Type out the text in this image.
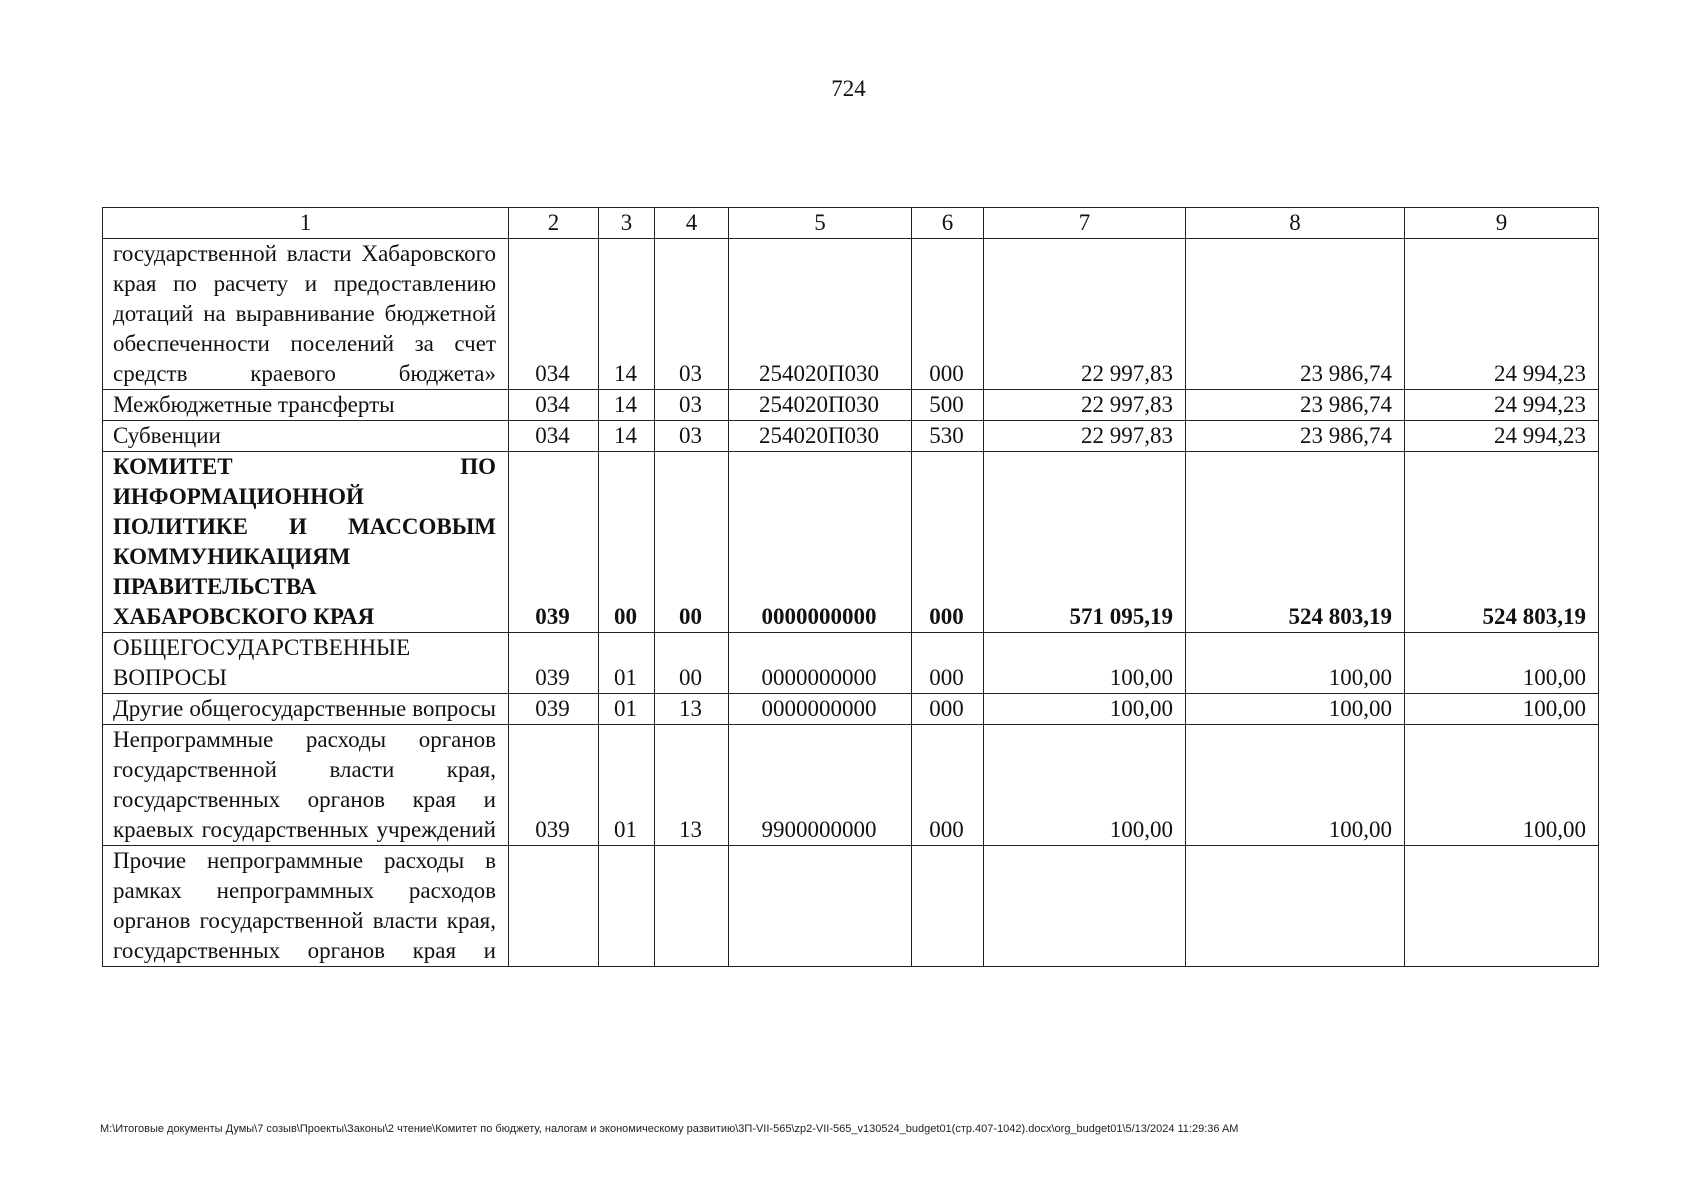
724
1	2	3	4	5	6	7	8	9
государственной власти Хабаровского края по расчету и предоставлению дотаций на выравнивание бюджетной обеспеченности поселений за счет средств краевого бюджета»	034	14	03	254020П030	000	22 997,83	23 986,74	24 994,23
Межбюджетные трансферты	034	14	03	254020П030	500	22 997,83	23 986,74	24 994,23
Субвенции	034	14	03	254020П030	530	22 997,83	23 986,74	24 994,23
КОМИТЕТ ПО ИНФОРМАЦИОННОЙ ПОЛИТИКЕ И МАССОВЫМ КОММУНИКАЦИЯМ ПРАВИТЕЛЬСТВА ХАБАРОВСКОГО КРАЯ	039	00	00	0000000000	000	571 095,19	524 803,19	524 803,19
ОБЩЕГОСУДАРСТВЕННЫЕ ВОПРОСЫ	039	01	00	0000000000	000	100,00	100,00	100,00
Другие общегосударственные вопросы	039	01	13	0000000000	000	100,00	100,00	100,00
Непрограммные расходы органов государственной власти края, государственных органов края и краевых государственных учреждений	039	01	13	9900000000	000	100,00	100,00	100,00
Прочие непрограммные расходы в рамках непрограммных расходов органов государственной власти края, государственных органов края и								
M:\Итоговые документы Думы\7 созыв\Проекты\Законы\2 чтение\Комитет по бюджету, налогам и экономическому развитию\3П-VII-565\zp2-VII-565_v130524_budget01(стр.407-1042).docx\org_budget01\5/13/2024 11:29:36 AM
